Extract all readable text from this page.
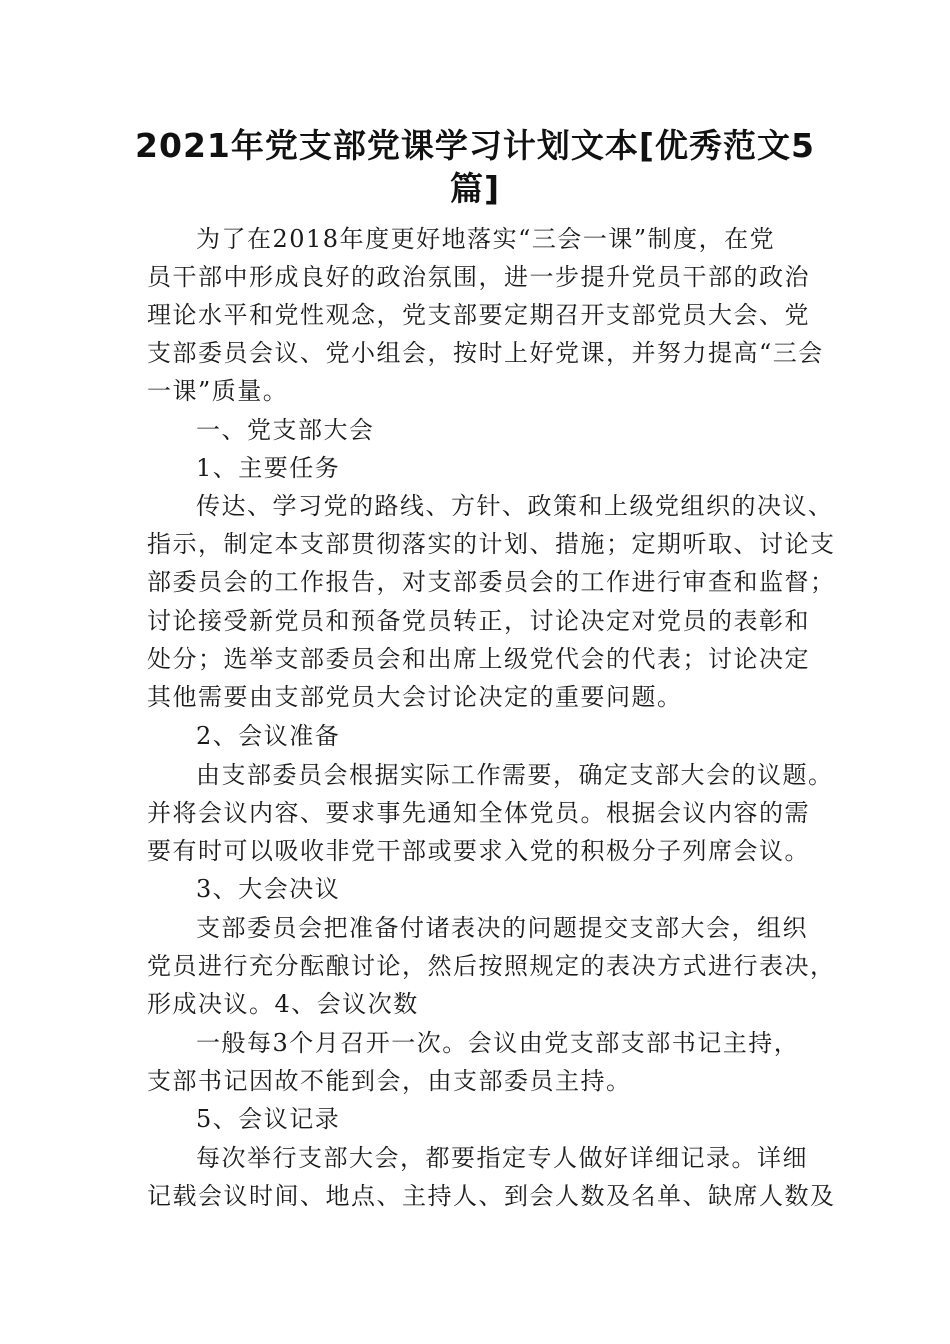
2021年党支部党课学习计划文本[优秀范文5
篇]
为了在2018年度更好地落实“三会一课”制度，在党
员干部中形成良好的政治氛围，进一步提升党员干部的政治
理论水平和党性观念，党支部要定期召开支部党员大会、党
支部委员会议、党小组会，按时上好党课，并努力提高“三会
一课”质量。
一、党支部大会
1、主要任务
传达、学习党的路线、方针、政策和上级党组织的决议、
指示，制定本支部贯彻落实的计划、措施；定期听取、讨论支
部委员会的工作报告，对支部委员会的工作进行审查和监督；
讨论接受新党员和预备党员转正，讨论决定对党员的表彰和
处分；选举支部委员会和出席上级党代会的代表；讨论决定
其他需要由支部党员大会讨论决定的重要问题。
2、会议准备
由支部委员会根据实际工作需要，确定支部大会的议题。
并将会议内容、要求事先通知全体党员。根据会议内容的需
要有时可以吸收非党干部或要求入党的积极分子列席会议。
3、大会决议
支部委员会把准备付诸表决的问题提交支部大会，组织
党员进行充分酝酿讨论，然后按照规定的表决方式进行表决，
形成决议。4、会议次数
一般每3个月召开一次。会议由党支部支部书记主持，
支部书记因故不能到会，由支部委员主持。
5、会议记录
每次举行支部大会，都要指定专人做好详细记录。详细
记载会议时间、地点、主持人、到会人数及名单、缺席人数及
